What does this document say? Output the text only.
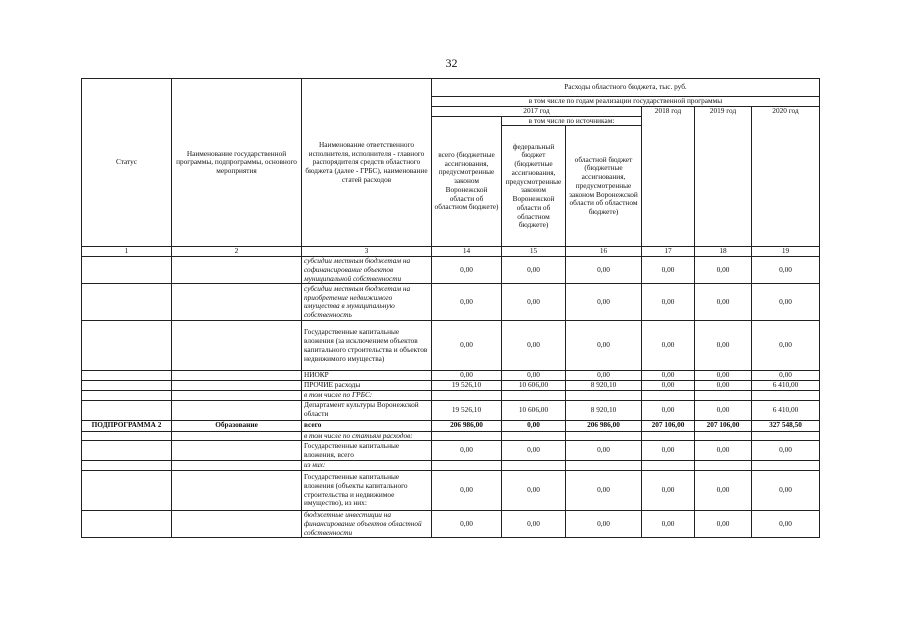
32
Статус	Наименование государственной программы, подпрограммы, основного мероприятия	Наименование ответственного исполнителя, исполнителя - главного распорядителя средств областного бюджета (далее - ГРБС), наименование статей расходов	Расходы областного бюджета, тыс. руб.					
			в том числе по годам реализации государственной программы					
			2017 год			2018 год	2019 год	2020 год
			всего (бюджетные ассигнования, предусмотренные законом Воронежской области об областном бюджете)	в том числе по источникам:				
				федеральный бюджет (бюджетные ассигнования, предусмотренные законом Воронежской области об областном бюджете)	областной бюджет (бюджетные ассигнования, предусмотренные законом Воронежской области об областном бюджете)			
1	2	3	14	15	16	17	18	19
		субсидии местным бюджетам на софинансирование объектов муниципальной собственности	0,00	0,00	0,00	0,00	0,00	0,00
		субсидии местным бюджетам на приобретение недвижимого имущества в муниципальную собственность	0,00	0,00	0,00	0,00	0,00	0,00
		Государственные капитальные вложения (за исключением объектов капитального строительства и объектов недвижимого имущества)	0,00	0,00	0,00	0,00	0,00	0,00
		НИОКР	0,00	0,00	0,00	0,00	0,00	0,00
		ПРОЧИЕ расходы	19 526,10	10 606,00	8 920,10	0,00	0,00	6 410,00
		в том числе по ГРБС:						
		Департамент культуры Воронежской области	19 526,10	10 606,00	8 920,10	0,00	0,00	6 410,00
ПОДПРОГРАММА 2	Образование	всего	206 986,00	0,00	206 986,00	207 106,00	207 106,00	327 548,50
		в том числе по статьям расходов:						
		Государственные капитальные вложения, всего	0,00	0,00	0,00	0,00	0,00	0,00
		из них:						
		Государственные капитальные вложения (объекты капитального строительства и недвижимое имущество), из них:	0,00	0,00	0,00	0,00	0,00	0,00
		бюджетные инвестиции на финансирование объектов областной собственности	0,00	0,00	0,00	0,00	0,00	0,00
